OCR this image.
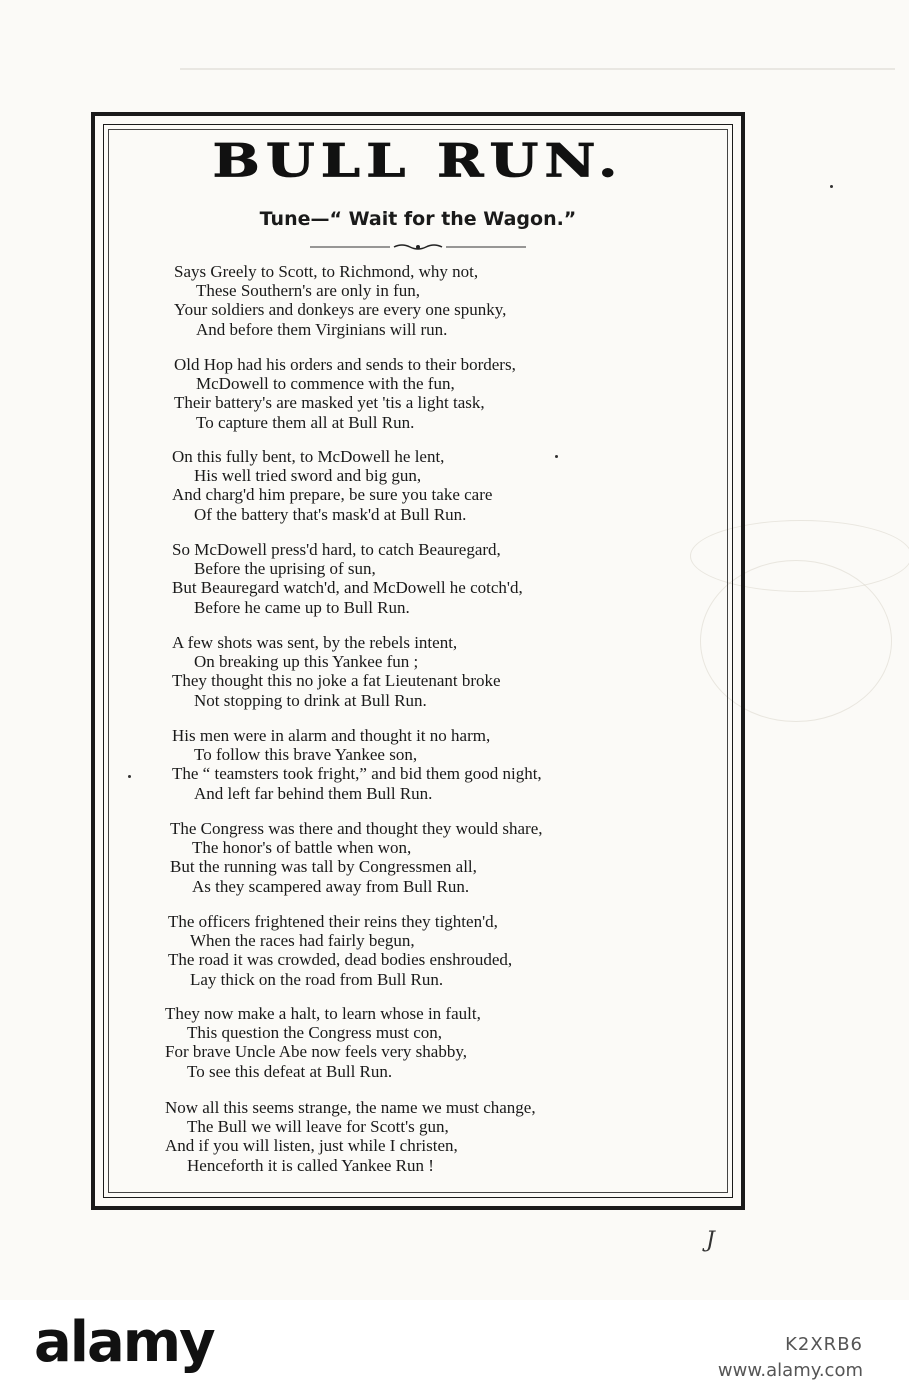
BULL RUN.
Tune—“ Wait for the Wagon.”
Says Greely to Scott, to Richmond, why not,
These Southern's are only in fun,
Your soldiers and donkeys are every one spunky,
And before them Virginians will run.
Old Hop had his orders and sends to their borders,
McDowell to commence with the fun,
Their battery's are masked yet 'tis a light task,
To capture them all at Bull Run.
On this fully bent, to McDowell he lent,
His well tried sword and big gun,
And charg'd him prepare, be sure you take care
Of the battery that's mask'd at Bull Run.
So McDowell press'd hard, to catch Beauregard,
Before the uprising of sun,
But Beauregard watch'd, and McDowell he cotch'd,
Before he came up to Bull Run.
A few shots was sent, by the rebels intent,
On breaking up this Yankee fun ;
They thought this no joke a fat Lieutenant broke
Not stopping to drink at Bull Run.
His men were in alarm and thought it no harm,
To follow this brave Yankee son,
The “ teamsters took fright,” and bid them good night,
And left far behind them Bull Run.
The Congress was there and thought they would share,
The honor's of battle when won,
But the running was tall by Congressmen all,
As they scampered away from Bull Run.
The officers frightened their reins they tighten'd,
When the races had fairly begun,
The road it was crowded, dead bodies enshrouded,
Lay thick on the road from Bull Run.
They now make a halt, to learn whose in fault,
This question the Congress must con,
For brave Uncle Abe now feels very shabby,
To see this defeat at Bull Run.
Now all this seems strange, the name we must change,
The Bull we will leave for Scott's gun,
And if you will listen, just while I christen,
Henceforth it is called Yankee Run !
J
alamy	K2XRB6
www.alamy.com
